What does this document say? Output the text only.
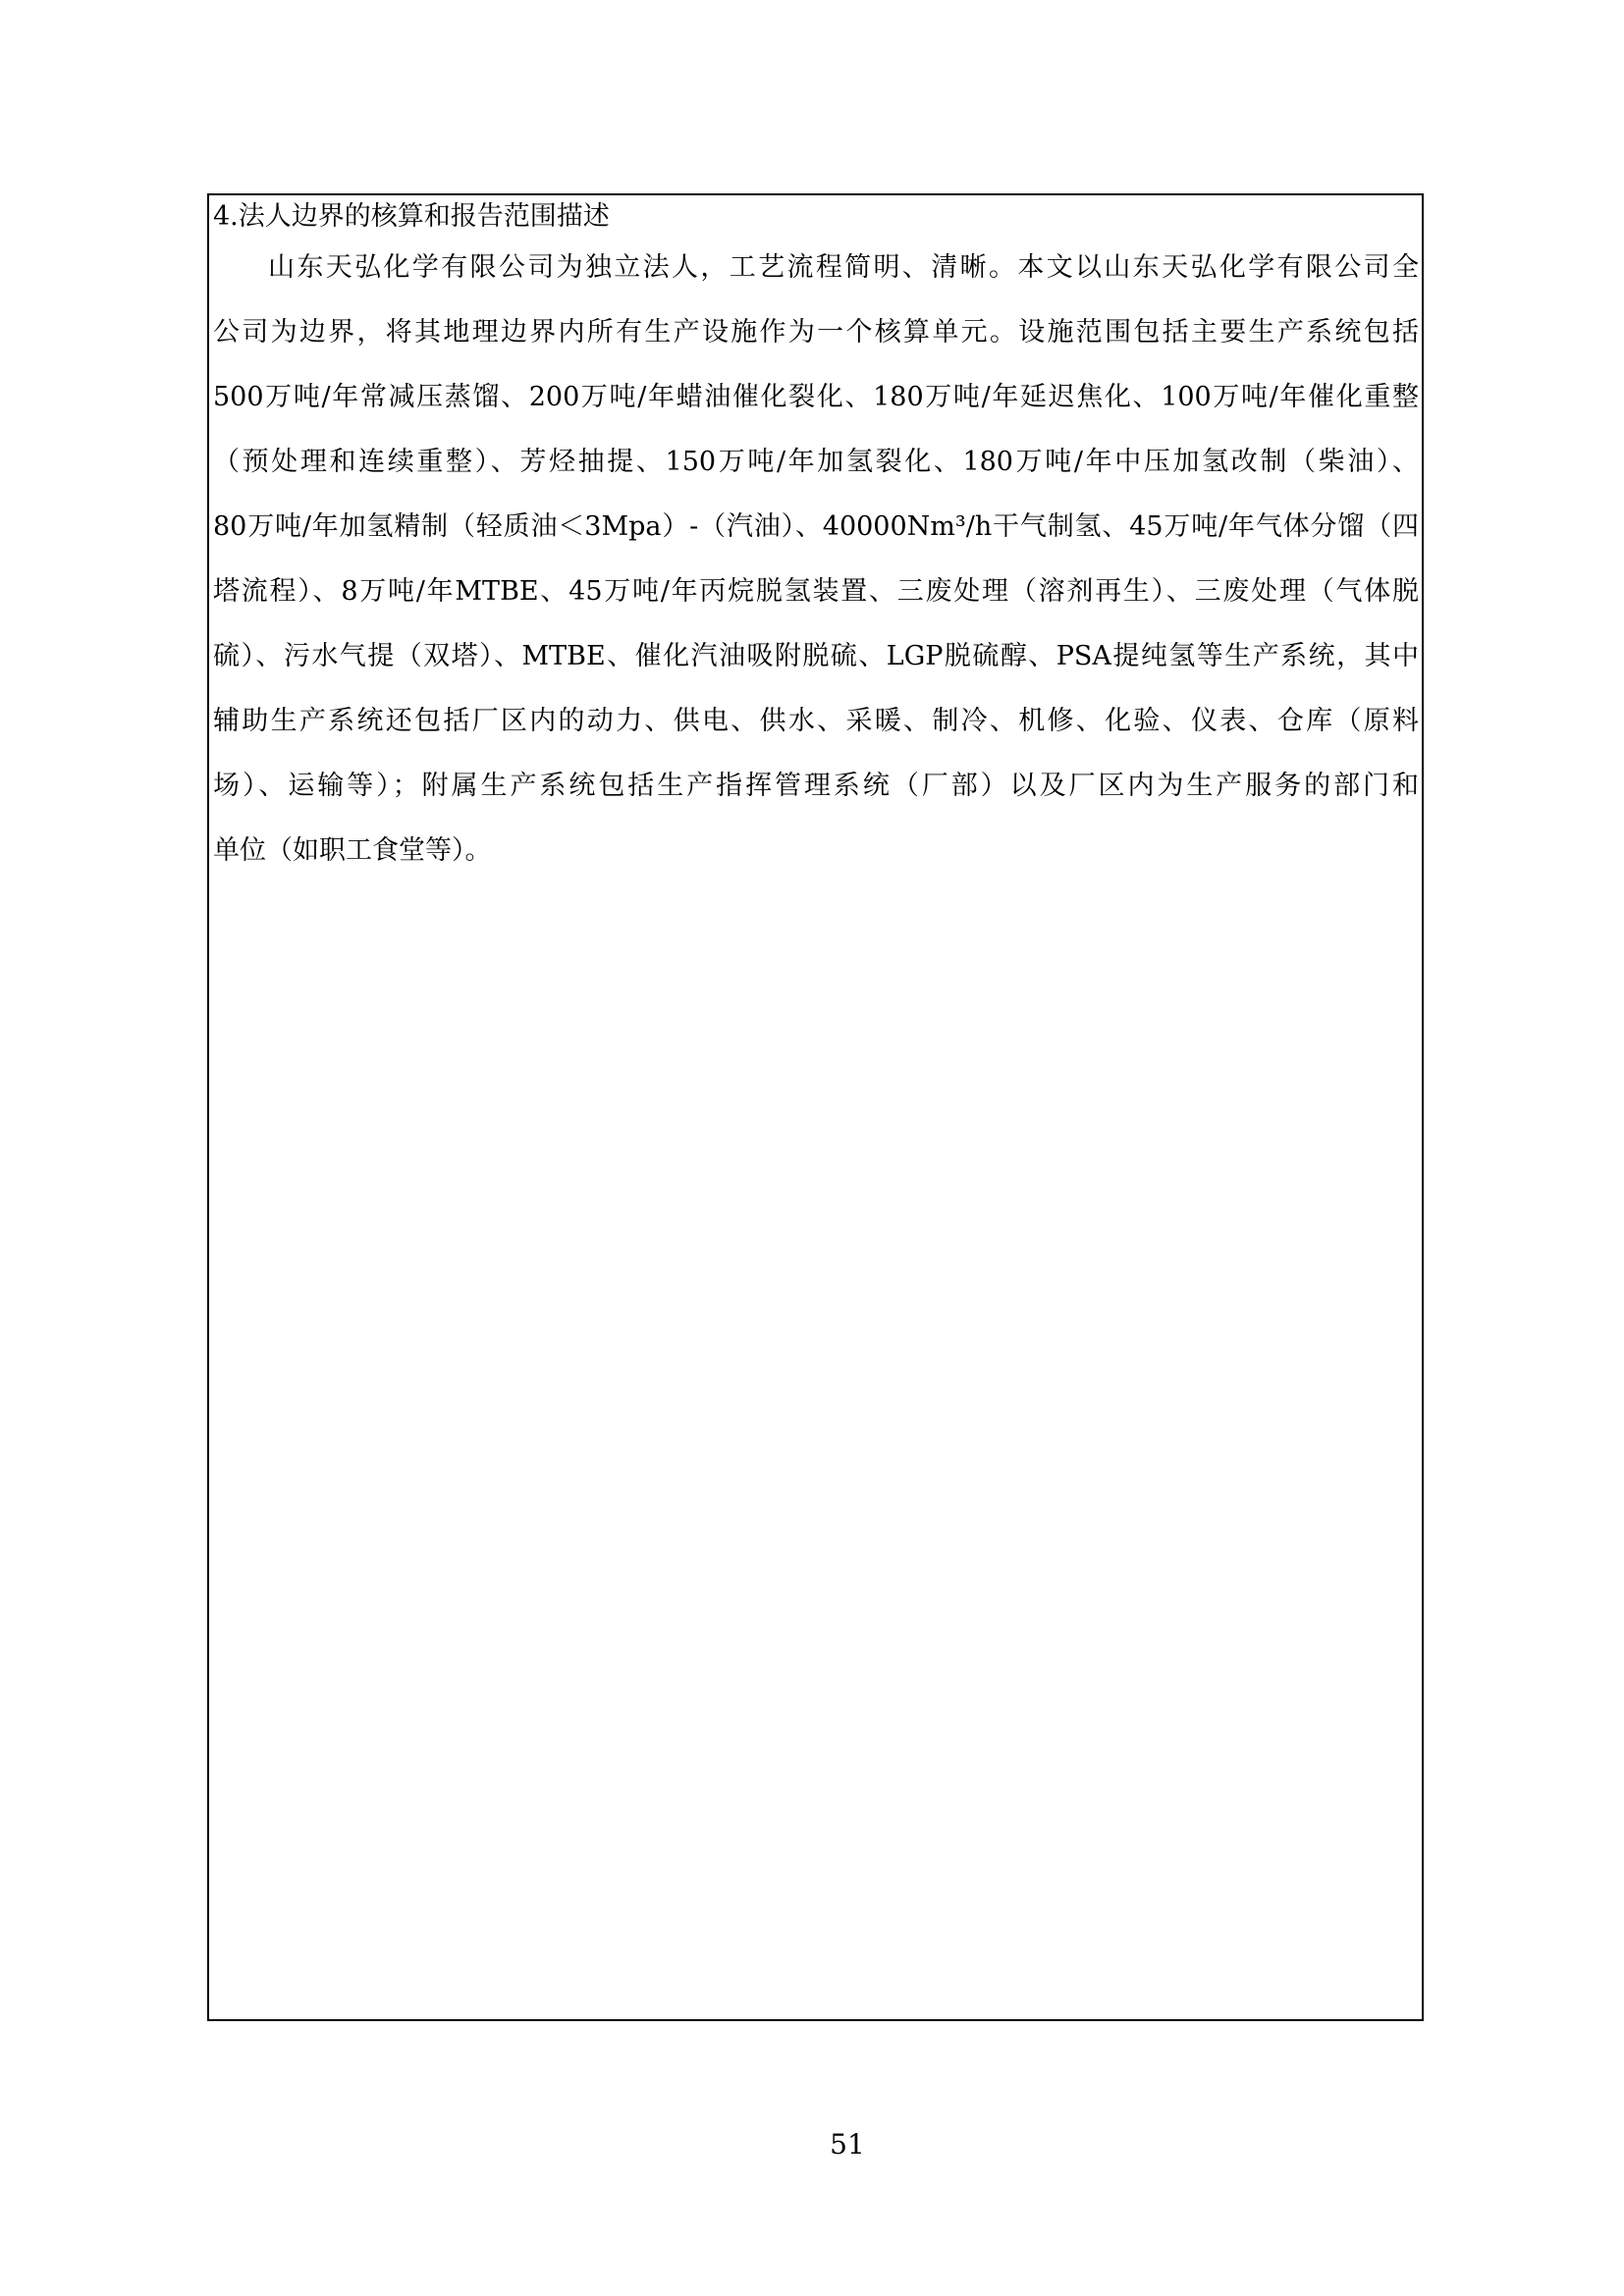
4.法人边界的核算和报告范围描述
山东天弘化学有限公司为独立法人，工艺流程简明、清晰。本文以山东天弘化学有限公司全
公司为边界，将其地理边界内所有生产设施作为一个核算单元。设施范围包括主要生产系统包括
500万吨/年常减压蒸馏、200万吨/年蜡油催化裂化、180万吨/年延迟焦化、100万吨/年催化重整
（预处理和连续重整）、芳烃抽提、150万吨/年加氢裂化、180万吨/年中压加氢改制（柴油）、
80万吨/年加氢精制（轻质油＜3Mpa）-（汽油）、40000Nm³/h干气制氢、45万吨/年气体分馏（四
塔流程）、8万吨/年MTBE、45万吨/年丙烷脱氢装置、三废处理（溶剂再生）、三废处理（气体脱
硫）、污水气提（双塔）、MTBE、催化汽油吸附脱硫、LGP脱硫醇、PSA提纯氢等生产系统，其中
辅助生产系统还包括厂区内的动力、供电、供水、采暖、制冷、机修、化验、仪表、仓库（原料
场）、运输等）；附属生产系统包括生产指挥管理系统（厂部）以及厂区内为生产服务的部门和
单位（如职工食堂等）。
51
